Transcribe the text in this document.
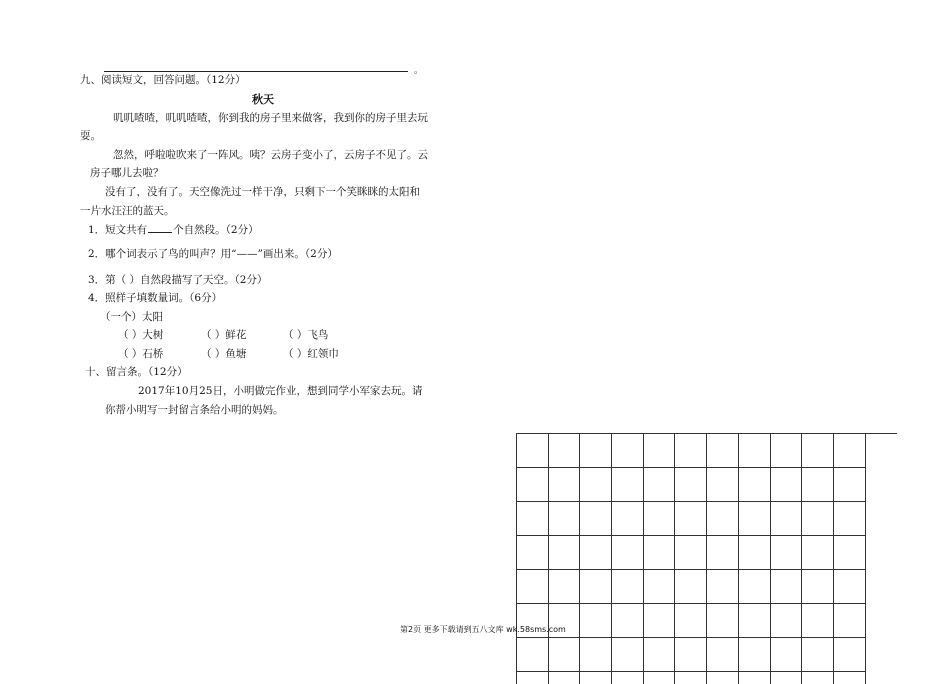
。
九、阅读短文，回答问题。（12分）
秋天
叽叽喳喳，叽叽喳喳，你到我的房子里来做客，我到你的房子里去玩
耍。
忽然，呼啦啦吹来了一阵风。咦？云房子变小了，云房子不见了。云
房子哪儿去啦？
没有了，没有了。天空像洗过一样干净，只剩下一个笑眯眯的太阳和
一片水汪汪的蓝天。
1．短文共有 个自然段。（2分）
2．哪个词表示了鸟的叫声？用“——”画出来。（2分）
3．第（ ）自然段描写了天空。（2分）
4．照样子填数量词。（6分）
（一个）太阳
（ ）大树	（ ）鲜花	（ ）飞鸟
（ ）石桥	（ ）鱼塘	（ ）红领巾
十、留言条。（12分）
2017年10月25日，小明做完作业，想到同学小军家去玩。请
你帮小明写一封留言条给小明的妈妈。
第2页 更多下载请到五八文库 wk.58sms.com
